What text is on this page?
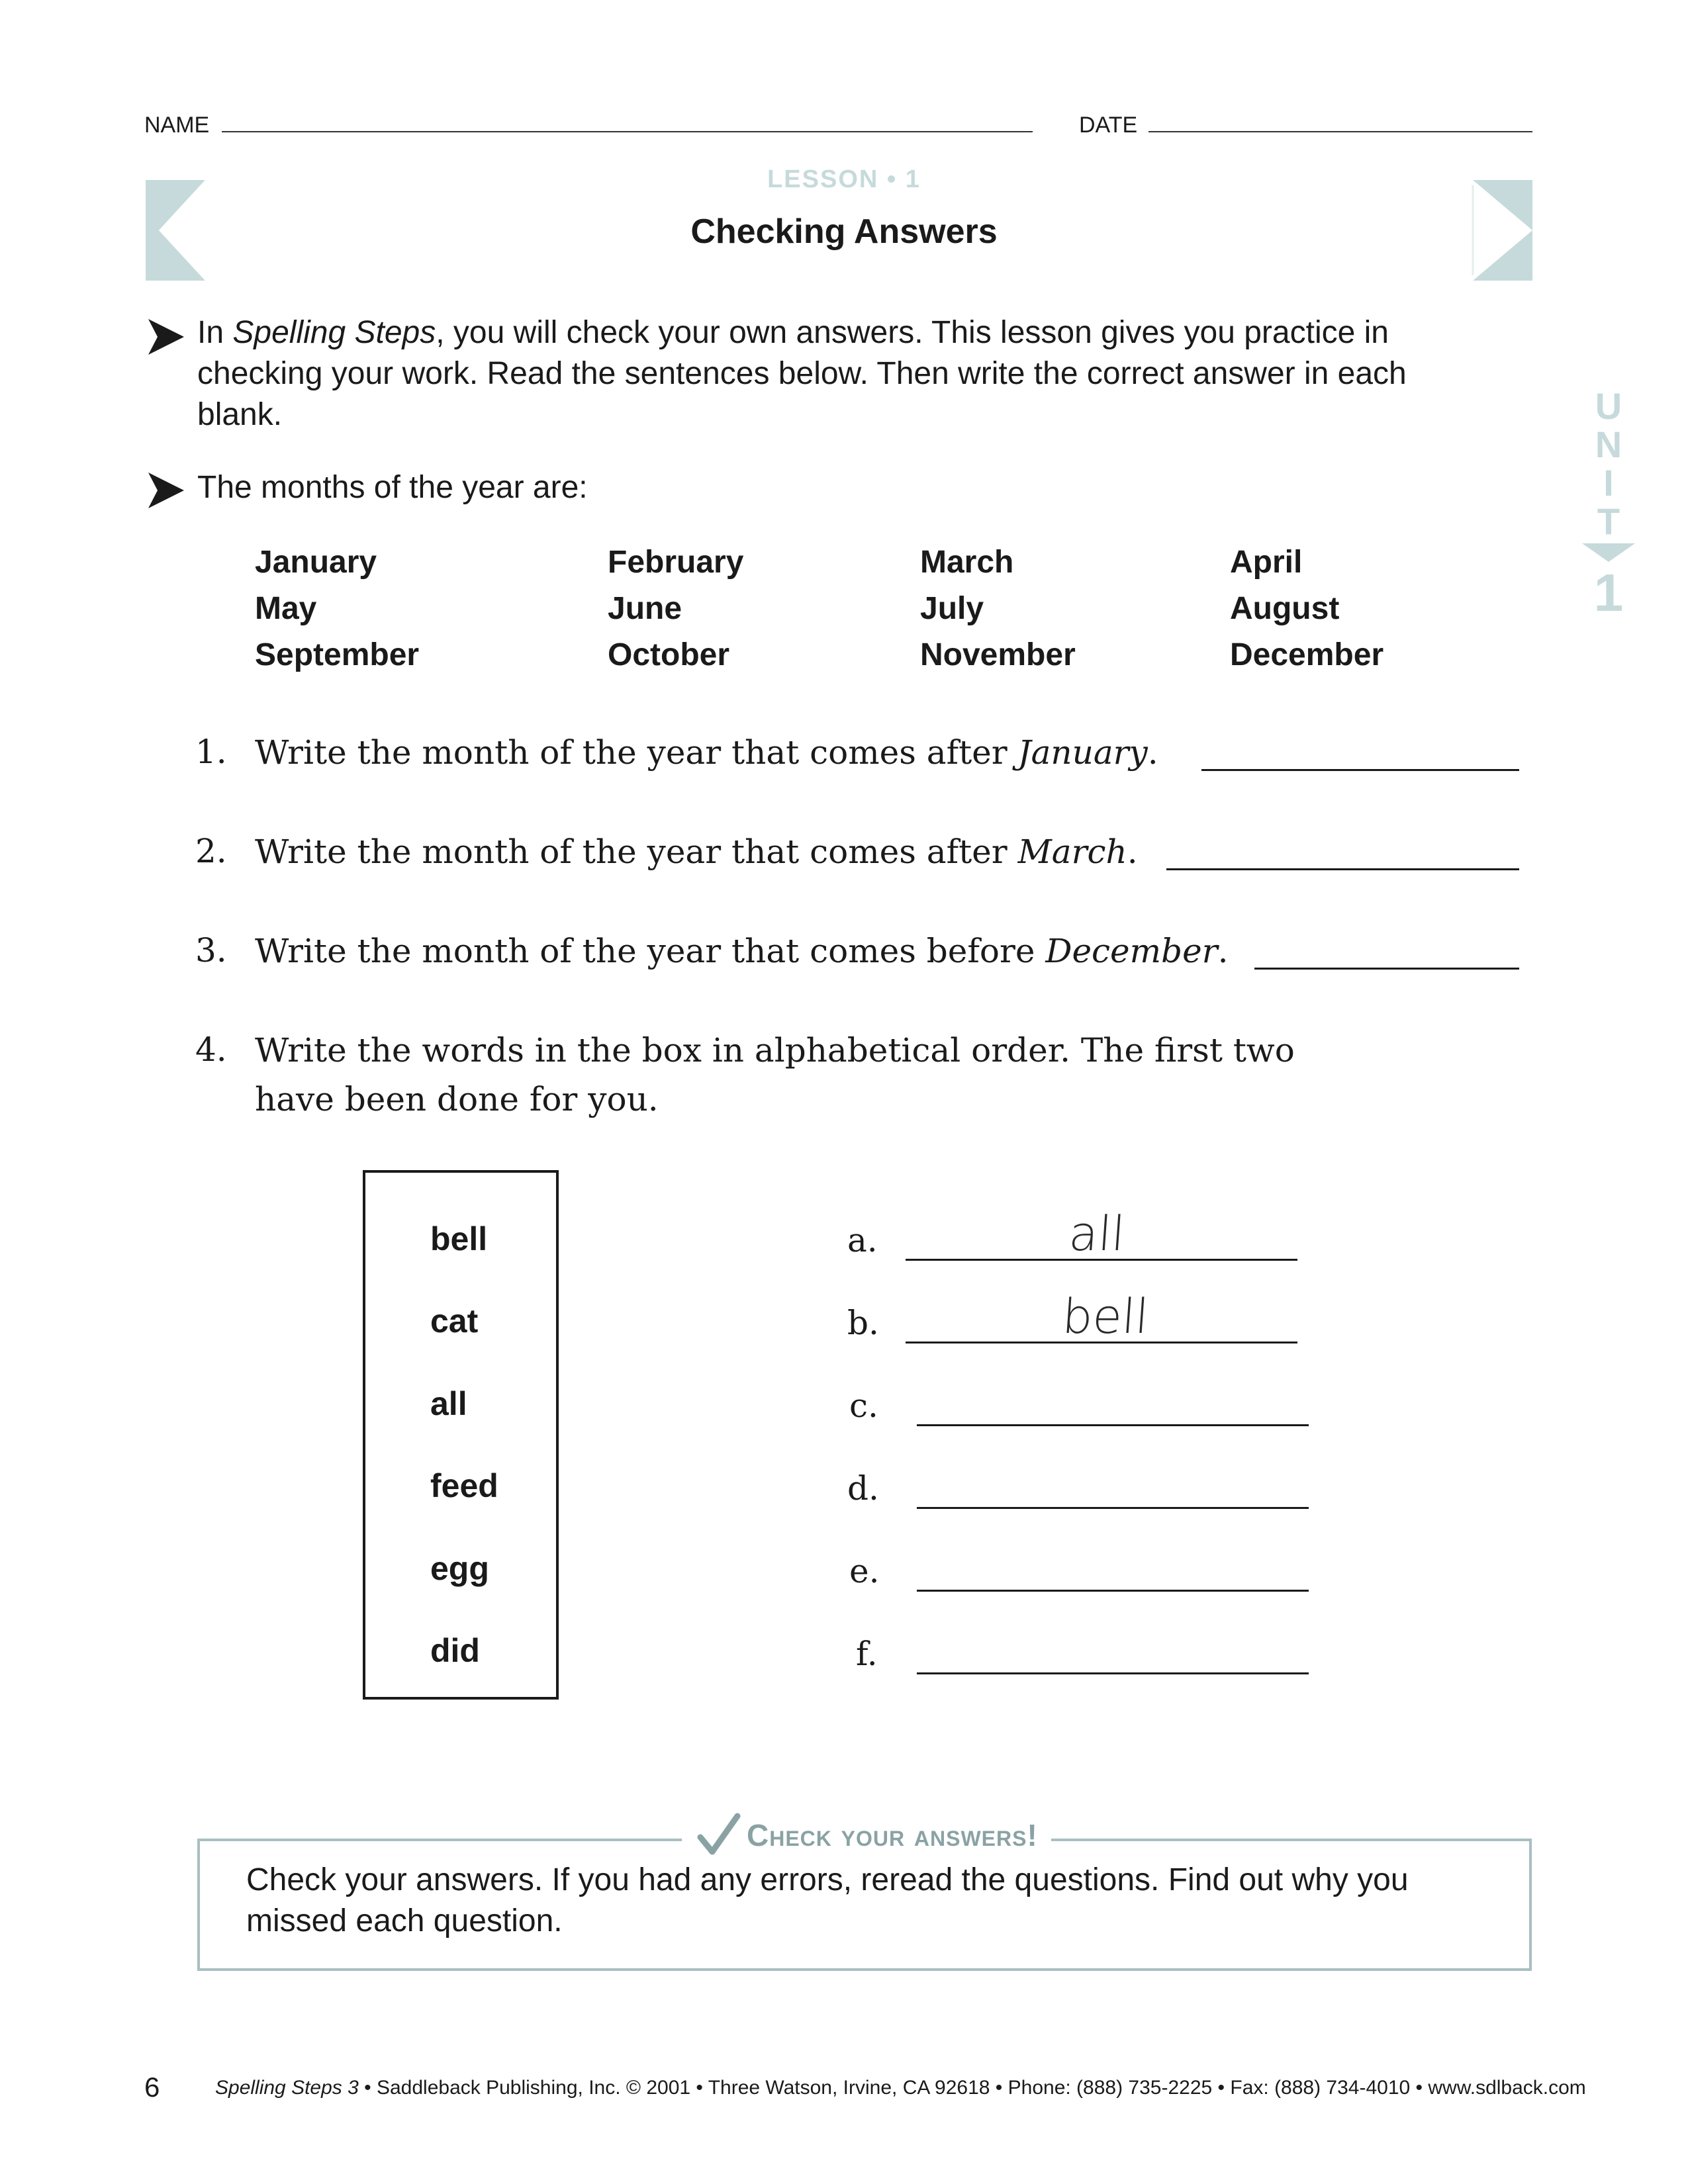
NAME	DATE
LESSON • 1
Checking Answers
In Spelling Steps, you will check your own answers. This lesson gives you practice in checking your work. Read the sentences below. Then write the correct answer in each blank.
The months of the year are:
January	February	March	April
May	June	July	August
September	October	November	December
1. Write the month of the year that comes after January.
2. Write the month of the year that comes after March.
3. Write the month of the year that comes before December.
4. Write the words in the box in alphabetical order. The first two have been done for you.
bell
cat
all
feed
egg
did
a.	all
b.	bell
c.
d.
e.
f.
Check your answers!
Check your answers. If you had any errors, reread the questions. Find out why you missed each question.
U
N
I
T
1
6	Spelling Steps 3 • Saddleback Publishing, Inc. © 2001 • Three Watson, Irvine, CA 92618 • Phone: (888) 735-2225 • Fax: (888) 734-4010 • www.sdlback.com
